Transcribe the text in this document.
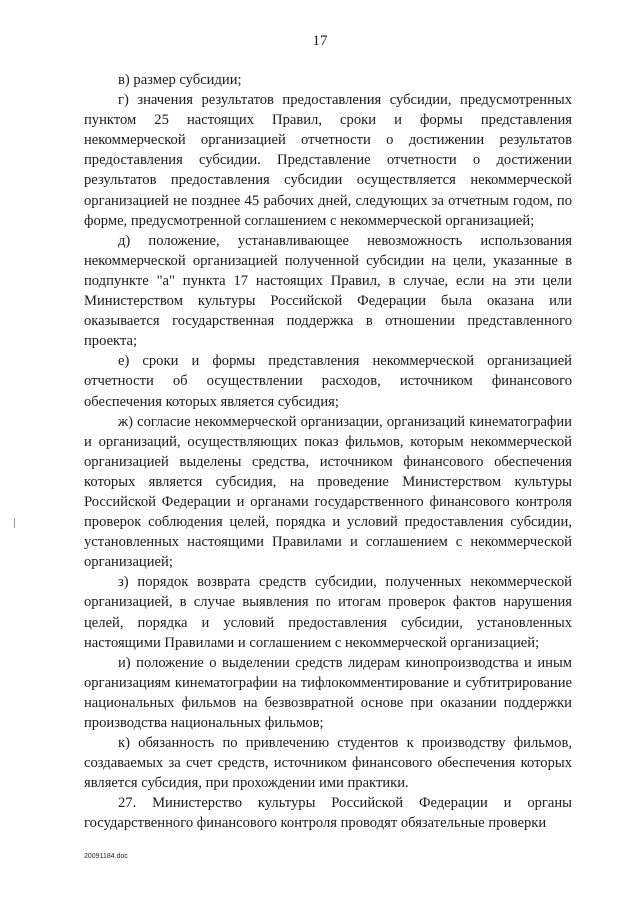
17

в) размер субсидии;

г) значения результатов предоставления субсидии, предусмотренных пунктом 25 настоящих Правил, сроки и формы представления некоммерческой организацией отчетности о достижении результатов предоставления субсидии. Представление отчетности о достижении результатов предоставления субсидии осуществляется некоммерческой организацией не позднее 45 рабочих дней, следующих за отчетным годом, по форме, предусмотренной соглашением с некоммерческой организацией;

д) положение, устанавливающее невозможность использования некоммерческой организацией полученной субсидии на цели, указанные в подпункте "а" пункта 17 настоящих Правил, в случае, если на эти цели Министерством культуры Российской Федерации была оказана или оказывается государственная поддержка в отношении представленного проекта;

е) сроки и формы представления некоммерческой организацией отчетности об осуществлении расходов, источником финансового обеспечения которых является субсидия;

ж) согласие некоммерческой организации, организаций кинематографии и организаций, осуществляющих показ фильмов, которым некоммерческой организацией выделены средства, источником финансового обеспечения которых является субсидия, на проведение Министерством культуры Российской Федерации и органами государственного финансового контроля проверок соблюдения целей, порядка и условий предоставления субсидии, установленных настоящими Правилами и соглашением с некоммерческой организацией;

з) порядок возврата средств субсидии, полученных некоммерческой организацией, в случае выявления по итогам проверок фактов нарушения целей, порядка и условий предоставления субсидии, установленных настоящими Правилами и соглашением с некоммерческой организацией;

и) положение о выделении средств лидерам кинопроизводства и иным организациям кинематографии на тифлокомментирование и субтитрирование национальных фильмов на безвозвратной основе при оказании поддержки производства национальных фильмов;

к) обязанность по привлечению студентов к производству фильмов, создаваемых за счет средств, источником финансового обеспечения которых является субсидия, при прохождении ими практики.

27. Министерство культуры Российской Федерации и органы государственного финансового контроля проводят обязательные проверки

20091184.doc
